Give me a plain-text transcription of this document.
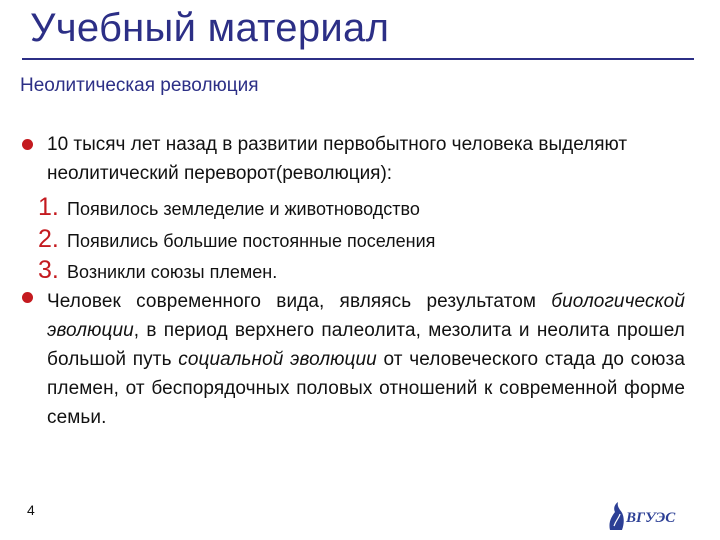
Учебный материал
Неолитическая революция
10 тысяч лет назад в развитии первобытного человека выделяют неолитический переворот(революция):
1. Появилось земледелие и животноводство
2. Появились большие постоянные поселения
3. Возникли союзы племен.
Человек современного вида, являясь результатом биологической эволюции, в период верхнего палеолита, мезолита и неолита прошел большой путь социальной эволюции от человеческого стада до союза племен, от беспорядочных половых отношений к современной форме семьи.
4	ВГУЭС
